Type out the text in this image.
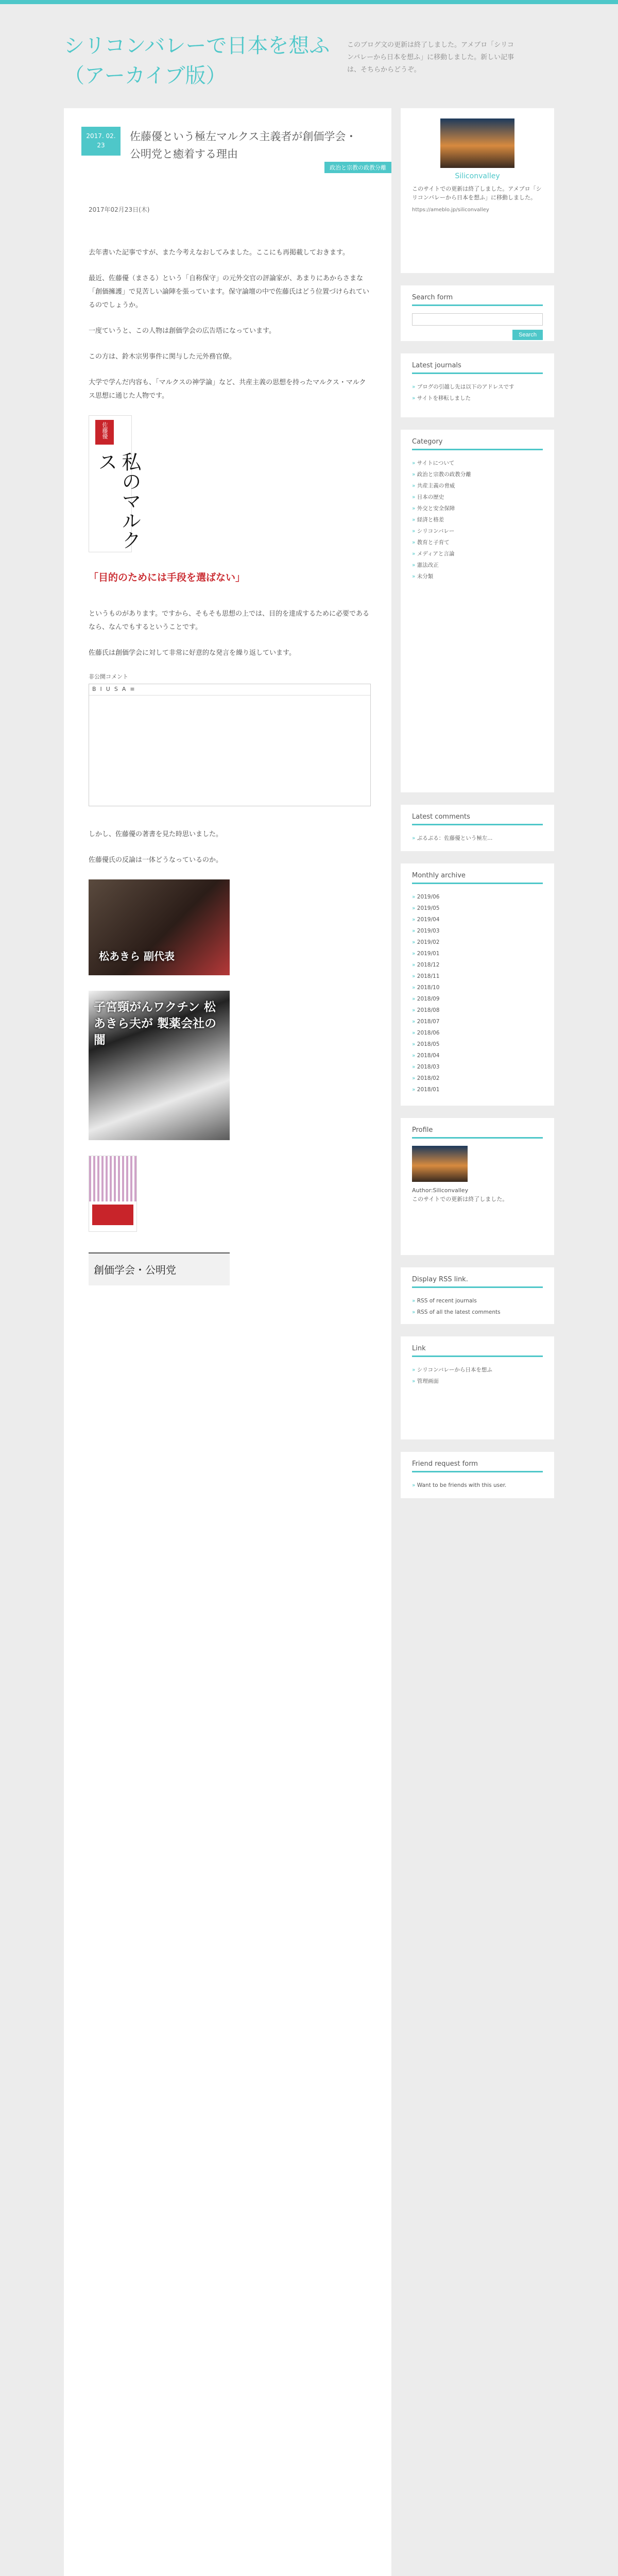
シリコンバレーで日本を想ふ（アーカイブ版）
このブログ文の更新は終了しました。アメブロ「シリコンバレーから日本を想ふ」に移動しました。新しい記事は、そちらからどうぞ。
2017. 02.
23
佐藤優という極左マルクス主義者が創価学会・公明党と癒着する理由
政治と宗教の政教分離
2017年02月23日(木)

去年書いた記事ですが、また今考えなおしてみました。ここにも再掲載しておきます。

最近、佐藤優（まさる）という「自称保守」の元外交官の評論家が、あまりにあからさまな「創価擁護」で見苦しい論陣を張っています。保守論壇の中で佐藤氏はどう位置づけられているのでしょうか。

一度ていうと、この人物は創価学会の広告塔になっています。

この方は、鈴木宗男事件に関与した元外務官僚。

大学で学んだ内容も、「マルクスの神学論」など、共産主義の思想を持ったマルクス・マルクス思想に通じた人物です。

佐藤優
私のマルクス
「目的のためには手段を選ばない」

というものがあります。ですから、そもそも思想の上では、目的を達成するために必要であるなら、なんでもするということです。

佐藤氏は創価学会に対して非常に好意的な発言を繰り返しています。

非公開コメント
B I U S A ≡

しかし、佐藤優の著書を見た時思いました。

佐藤優氏の反論は一体どうなっているのか。

松あきら 副代表
子宮頸がんワクチン 松あきら夫が 製薬会社の闇
創価学会・公明党
Siliconvalley
このサイトでの更新は終了しました。アメブロ「シリコンバレーから日本を想ふ」に移動しました。
https://ameblo.jp/siliconvalley
Search form
Search
Latest journals
» ブログの引越し先は以下のアドレスです
» サイトを移転しました
Category
» サイトについて
» 政治と宗教の政教分離
» 共産主義の脅威
» 日本の歴史
» 外交と安全保障
» 経済と格差
» シリコンバレー
» 教育と子育て
» メディアと言論
» 憲法改正
» 未分類
Latest comments
» ぷるぷる：佐藤優という極左...
Monthly archive
» 2019/06
» 2019/05
» 2019/04
» 2019/03
» 2019/02
» 2019/01
» 2018/12
» 2018/11
» 2018/10
» 2018/09
» 2018/08
» 2018/07
» 2018/06
» 2018/05
» 2018/04
» 2018/03
» 2018/02
» 2018/01
Profile
Author:Siliconvalley
このサイトでの更新は終了しました。
Display RSS link.
» RSS of recent journals
» RSS of all the latest comments
Link
» シリコンバレーから日本を想ふ
» 管理画面
Friend request form
» Want to be friends with this user.
